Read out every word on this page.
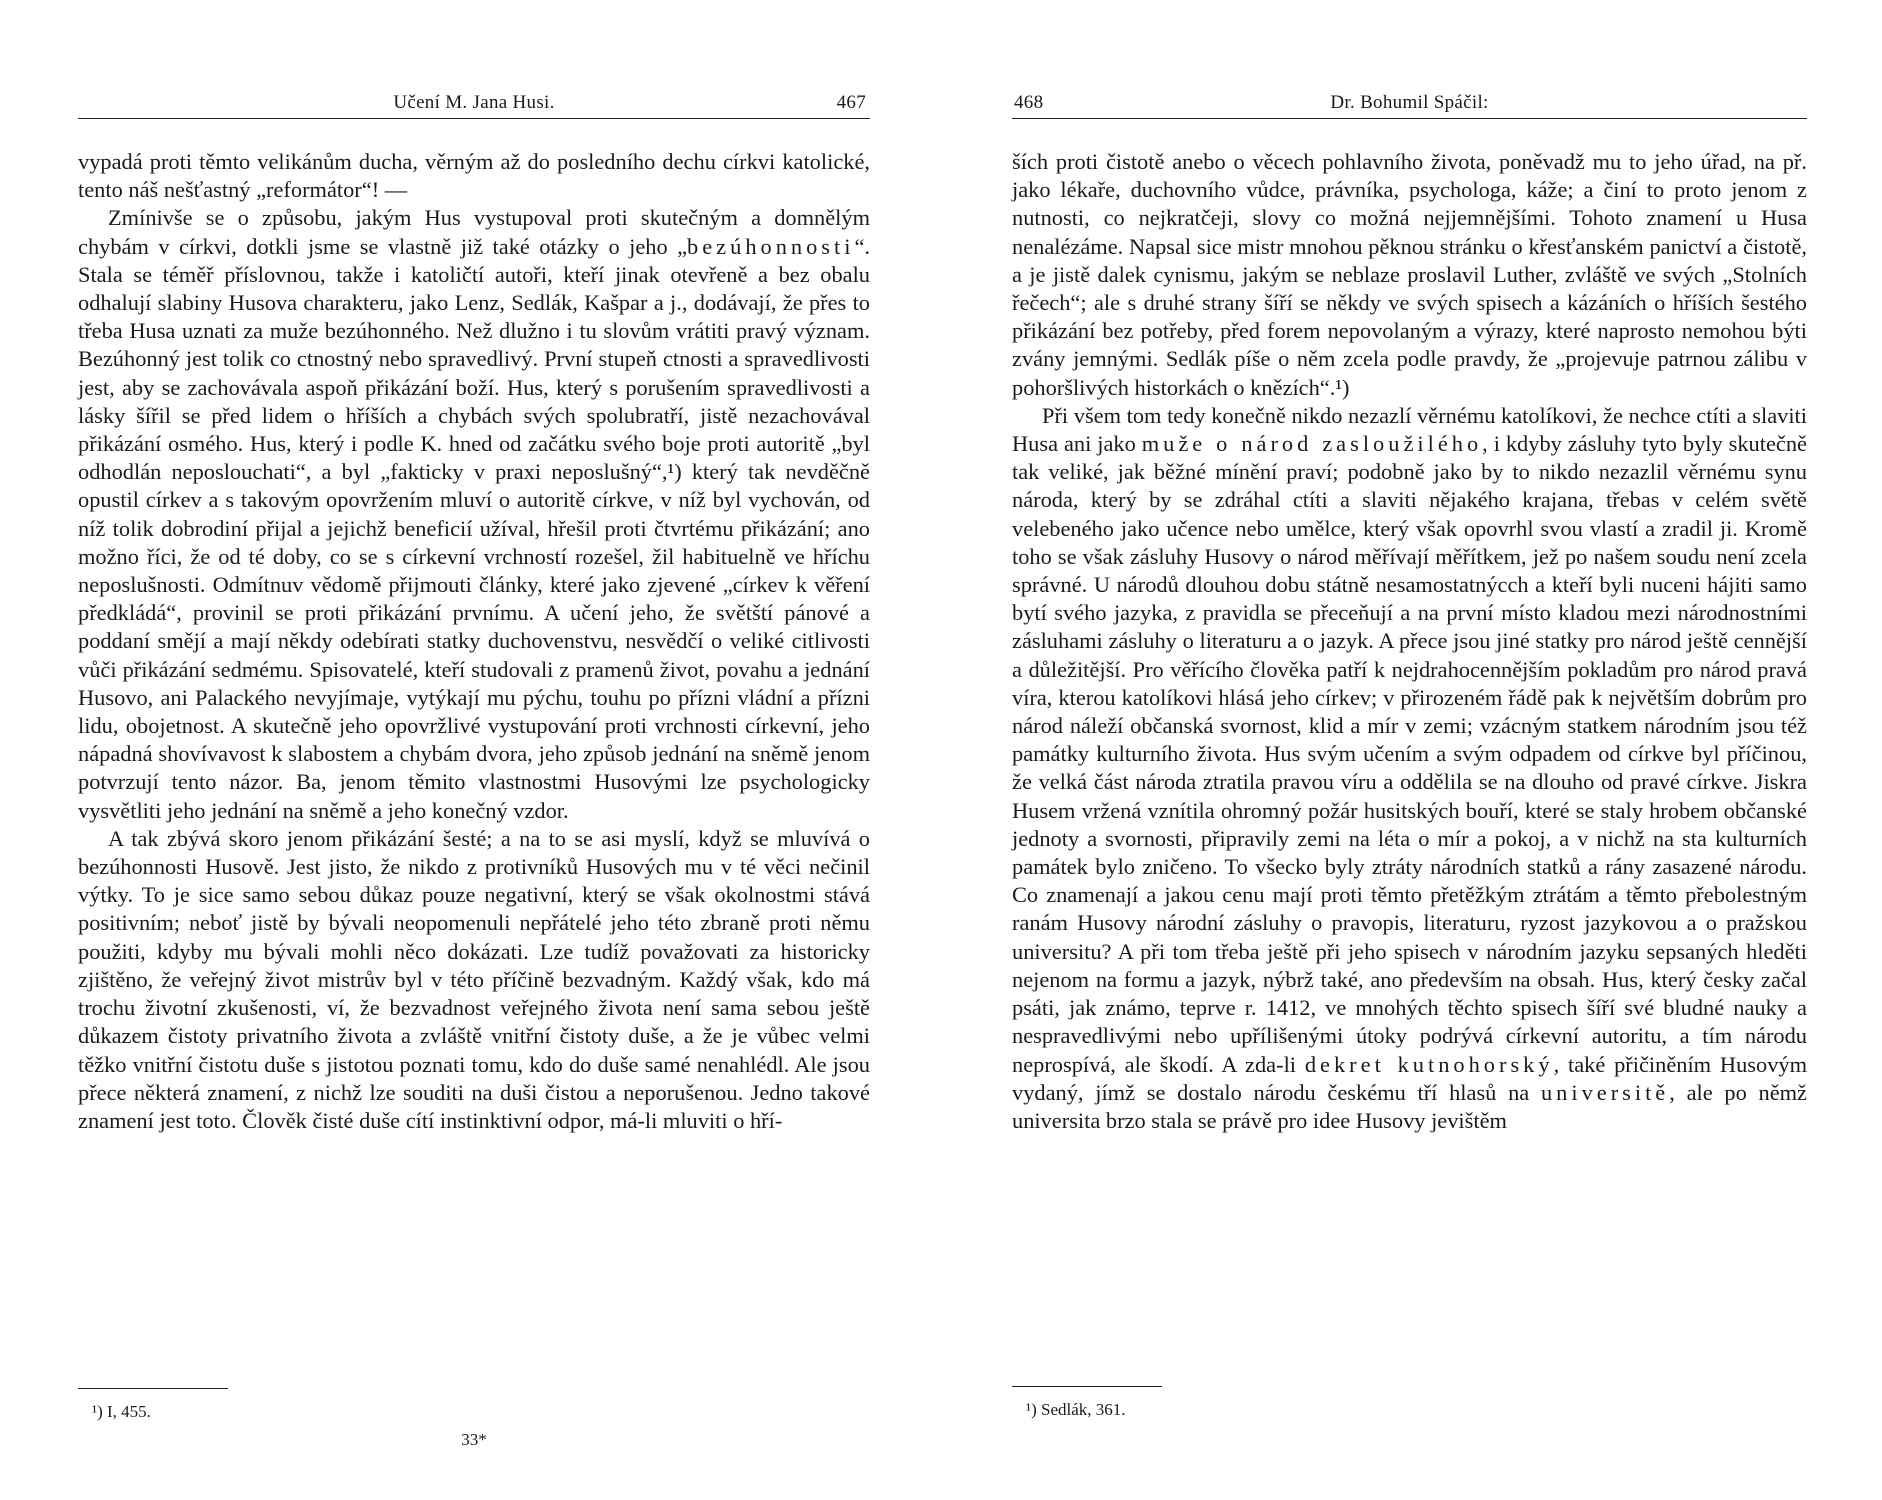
Učení M. Jana Husi.	467

vypadá proti těmto velikánům ducha, věrným až do posledního dechu církvi katolické, tento náš nešťastný „reformátor“! —

Zmínivše se o způsobu, jakým Hus vystupoval proti skutečným a domnělým chybám v církvi, dotkli jsme se vlastně již také otázky o jeho „bezúhonnosti“. Stala se téměř příslovnou, takže i katoličtí autoři, kteří jinak otevřeně a bez obalu odhalují slabiny Husova charakteru, jako Lenz, Sedlák, Kašpar a j., dodávají, že přes to třeba Husa uznati za muže bezúhonného. Než dlužno i tu slovům vrátiti pravý význam. Bezúhonný jest tolik co ctnostný nebo spravedlivý. První stupeň ctnosti a spravedlivosti jest, aby se zachovávala aspoň přikázání boží. Hus, který s porušením spravedlivosti a lásky šířil se před lidem o hříších a chybách svých spolubratří, jistě nezachovával přikázání osmého. Hus, který i podle K. hned od začátku svého boje proti autoritě „byl odhodlán neposlouchati“, a byl „fakticky v praxi neposlušný“,¹) který tak nevděčně opustil církev a s takovým opovržením mluví o autoritě církve, v níž byl vychován, od níž tolik dobrodiní přijal a jejichž beneficií užíval, hřešil proti čtvrtému přikázání; ano možno říci, že od té doby, co se s církevní vrchností rozešel, žil habituelně ve hříchu neposlušnosti. Odmítnuv vědomě přijmouti články, které jako zjevené „církev k věření předkládá“, provinil se proti přikázání prvnímu. A učení jeho, že světští pánové a poddaní smějí a mají někdy odebírati statky duchovenstvu, nesvědčí o veliké citlivosti vůči přikázání sedmému. Spisovatelé, kteří studovali z pramenů život, povahu a jednání Husovo, ani Palackého nevyjímaje, vytýkají mu pýchu, touhu po přízni vládní a přízni lidu, obojetnost. A skutečně jeho opovržlivé vystupování proti vrchnosti církevní, jeho nápadná shovívavost k slabostem a chybám dvora, jeho způsob jednání na sněmě jenom potvrzují tento názor. Ba, jenom těmito vlastnostmi Husovými lze psychologicky vysvětliti jeho jednání na sněmě a jeho konečný vzdor.

A tak zbývá skoro jenom přikázání šesté; a na to se asi myslí, když se mluvívá o bezúhonnosti Husově. Jest jisto, že nikdo z protivníků Husových mu v té věci nečinil výtky. To je sice samo sebou důkaz pouze negativní, který se však okolnostmi stává positivním; neboť jistě by bývali neopomenuli nepřátelé jeho této zbraně proti němu použiti, kdyby mu bývali mohli něco dokázati. Lze tudíž považovati za historicky zjištěno, že veřejný život mistrův byl v této příčině bezvadným. Každý však, kdo má trochu životní zkušenosti, ví, že bezvadnost veřejného života není sama sebou ještě důkazem čistoty privatního života a zvláště vnitřní čistoty duše, a že je vůbec velmi těžko vnitřní čistotu duše s jistotou poznati tomu, kdo do duše samé nenahlédl. Ale jsou přece některá znamení, z nichž lze souditi na duši čistou a neporušenou. Jedno takové znamení jest toto. Člověk čisté duše cítí instinktivní odpor, má-li mluviti o hří-

¹) I, 455.
33*
468	Dr. Bohumil Spáčil:

ších proti čistotě anebo o věcech pohlavního života, poněvadž mu to jeho úřad, na př. jako lékaře, duchovního vůdce, právníka, psychologa, káže; a činí to proto jenom z nutnosti, co nejkratčeji, slovy co možná nejjemnějšími. Tohoto znamení u Husa nenalézáme. Napsal sice mistr mnohou pěknou stránku o křesťanském panictví a čistotě, a je jistě dalek cynismu, jakým se neblaze proslavil Luther, zvláště ve svých „Stolních řečech“; ale s druhé strany šíří se někdy ve svých spisech a kázáních o hříších šestého přikázání bez potřeby, před forem nepovolaným a výrazy, které naprosto nemohou býti zvány jemnými. Sedlák píše o něm zcela podle pravdy, že „projevuje patrnou zálibu v pohoršlivých historkách o knězích“.¹)

Při všem tom tedy konečně nikdo nezazlí věrnému katolíkovi, že nechce ctíti a slaviti Husa ani jako muže o národ zasloužilého, i kdyby zásluhy tyto byly skutečně tak veliké, jak běžné mínění praví; podobně jako by to nikdo nezazlil věrnému synu národa, který by se zdráhal ctíti a slaviti nějakého krajana, třebas v celém světě velebeného jako učence nebo umělce, který však opovrhl svou vlastí a zradil ji. Kromě toho se však zásluhy Husovy o národ měřívají měřítkem, jež po našem soudu není zcela správné. U národů dlouhou dobu státně nesamostatnýcch a kteří byli nuceni hájiti samo bytí svého jazyka, z pravidla se přeceňují a na první místo kladou mezi národnostními zásluhami zásluhy o literaturu a o jazyk. A přece jsou jiné statky pro národ ještě cennější a důležitější. Pro věřícího člověka patří k nejdrahocennějším pokladům pro národ pravá víra, kterou katolíkovi hlásá jeho církev; v přirozeném řádě pak k největším dobrům pro národ náleží občanská svornost, klid a mír v zemi; vzácným statkem národním jsou též památky kulturního života. Hus svým učením a svým odpadem od církve byl příčinou, že velká část národa ztratila pravou víru a oddělila se na dlouho od pravé církve. Jiskra Husem vržená vznítila ohromný požár husitských bouří, které se staly hrobem občanské jednoty a svornosti, připravily zemi na léta o mír a pokoj, a v nichž na sta kulturních památek bylo zničeno. To všecko byly ztráty národních statků a rány zasazené národu. Co znamenají a jakou cenu mají proti těmto přetěžkým ztrátám a těmto přebolestným ranám Husovy národní zásluhy o pravopis, literaturu, ryzost jazykovou a o pražskou universitu? A při tom třeba ještě při jeho spisech v národním jazyku sepsaných hleděti nejenom na formu a jazyk, nýbrž také, ano především na obsah. Hus, který česky začal psáti, jak známo, teprve r. 1412, ve mnohých těchto spisech šíří své bludné nauky a nespravedlivými nebo upřílišenými útoky podrývá církevní autoritu, a tím národu neprospívá, ale škodí. A zda-li dekret kutnohorský, také přičiněním Husovým vydaný, jímž se dostalo národu českému tří hlasů na universitě, ale po němž universita brzo stala se právě pro idee Husovy jevištěm

¹) Sedlák, 361.
